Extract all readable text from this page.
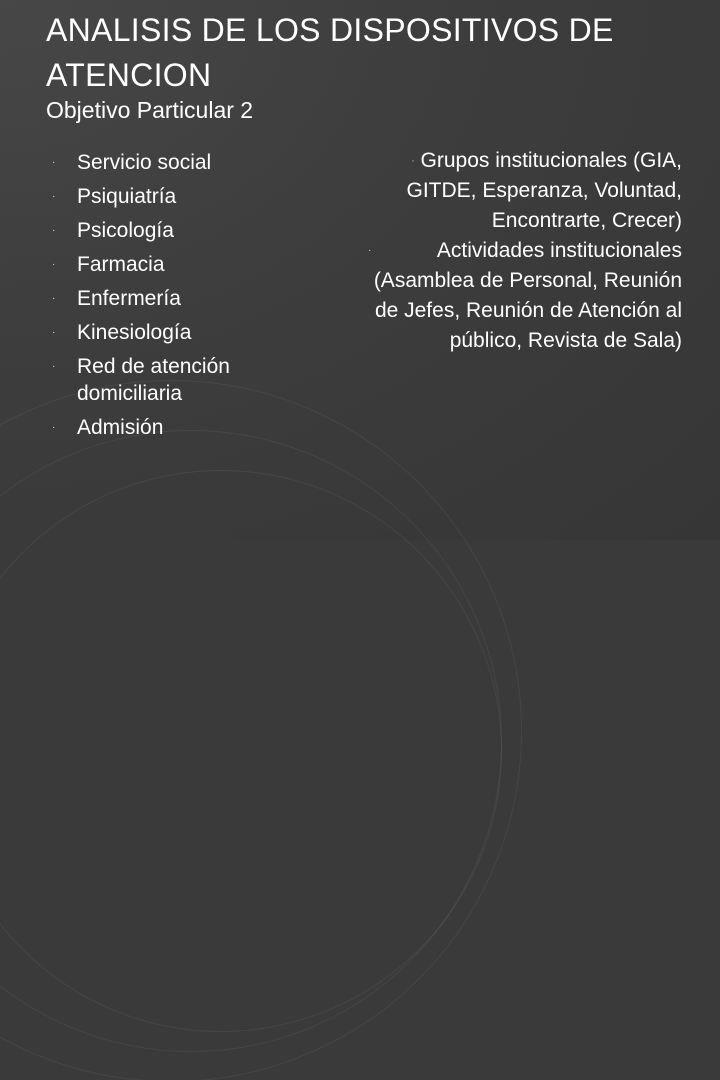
ANALISIS DE LOS DISPOSITIVOS DE ATENCION
Objetivo Particular 2
· Servicio social
· Psiquiatría
· Psicología
· Farmacia
· Enfermería
· Kinesiología
· Red de atención domiciliaria
· Admisión
· Grupos institucionales (GIA, GITDE, Esperanza, Voluntad, Encontrarte, Crecer)
·	Actividades institucionales (Asamblea de Personal, Reunión de Jefes, Reunión de Atención al público, Revista de Sala)
